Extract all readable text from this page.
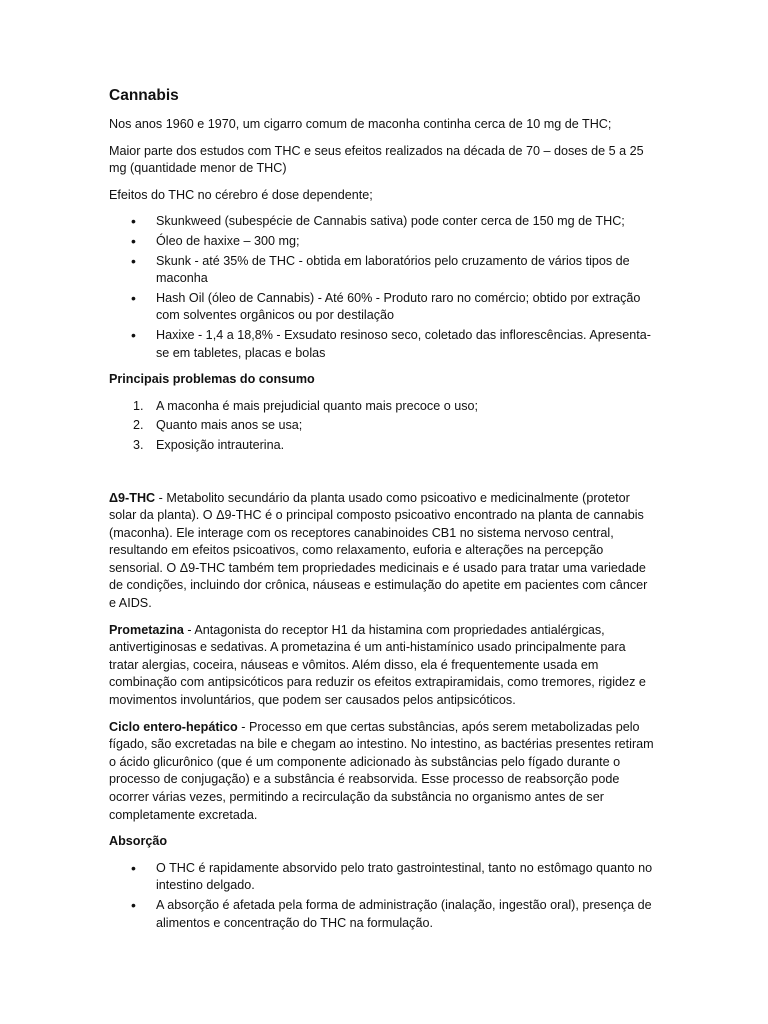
Cannabis

Nos anos 1960 e 1970, um cigarro comum de maconha continha cerca de 10 mg de THC;

Maior parte dos estudos com THC e seus efeitos realizados na década de 70 – doses de 5 a 25 mg (quantidade menor de THC)

Efeitos do THC no cérebro é dose dependente;

• Skunkweed (subespécie de Cannabis sativa) pode conter cerca de 150 mg de THC;
• Óleo de haxixe – 300 mg;
• Skunk - até 35% de THC - obtida em laboratórios pelo cruzamento de vários tipos de maconha
• Hash Oil (óleo de Cannabis) - Até 60% - Produto raro no comércio; obtido por extração com solventes orgânicos ou por destilação
• Haxixe - 1,4 a 18,8% - Exsudato resinoso seco, coletado das inflorescências. Apresenta-se em tabletes, placas e bolas
Principais problemas do consumo
1. A maconha é mais prejudicial quanto mais precoce o uso;
2. Quanto mais anos se usa;
3. Exposição intrauterina.

Δ9-THC - Metabolito secundário da planta usado como psicoativo e medicinalmente (protetor solar da planta). O Δ9-THC é o principal composto psicoativo encontrado na planta de cannabis (maconha). Ele interage com os receptores canabinoides CB1 no sistema nervoso central, resultando em efeitos psicoativos, como relaxamento, euforia e alterações na percepção sensorial. O Δ9-THC também tem propriedades medicinais e é usado para tratar uma variedade de condições, incluindo dor crônica, náuseas e estimulação do apetite em pacientes com câncer e AIDS.

Prometazina - Antagonista do receptor H1 da histamina com propriedades antialérgicas, antivertiginosas e sedativas. A prometazina é um anti-histamínico usado principalmente para tratar alergias, coceira, náuseas e vômitos. Além disso, ela é frequentemente usada em combinação com antipsicóticos para reduzir os efeitos extrapiramidais, como tremores, rigidez e movimentos involuntários, que podem ser causados pelos antipsicóticos.

Ciclo entero-hepático - Processo em que certas substâncias, após serem metabolizadas pelo fígado, são excretadas na bile e chegam ao intestino. No intestino, as bactérias presentes retiram o ácido glicurônico (que é um componente adicionado às substâncias pelo fígado durante o processo de conjugação) e a substância é reabsorvida. Esse processo de reabsorção pode ocorrer várias vezes, permitindo a recirculação da substância no organismo antes de ser completamente excretada.

Absorção
• O THC é rapidamente absorvido pelo trato gastrointestinal, tanto no estômago quanto no intestino delgado.
• A absorção é afetada pela forma de administração (inalação, ingestão oral), presença de alimentos e concentração do THC na formulação.
